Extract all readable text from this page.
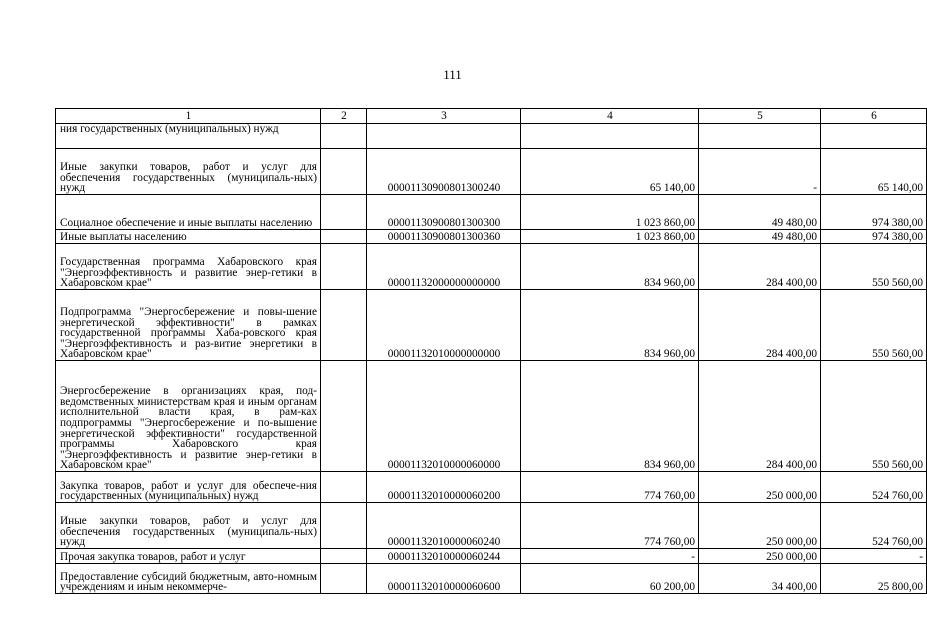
111
1	2	3	4	5	6
ния государственных (муниципальных) нужд					
Иные закупки товаров, работ и услуг для обеспечения государственных (муниципаль-ных) нужд		00001130900801300240	65 140,00	-	65 140,00
Социалное обеспечение и иные выплаты населению		00001130900801300300	1 023 860,00	49 480,00	974 380,00
Иные выплаты населению		00001130900801300360	1 023 860,00	49 480,00	974 380,00
Государственная программа Хабаровского края "Энергоэффективность и развитие энер-гетики в Хабаровском крае"		00001132000000000000	834 960,00	284 400,00	550 560,00
Подпрограмма "Энергосбережение и повы-шение энергетической эффективности" в рамках государственной программы Хаба-ровского края "Энергоэффективность и раз-витие энергетики в Хабаровском крае"		00001132010000000000	834 960,00	284 400,00	550 560,00
Энергосбережение в организациях края, под-ведомственных министерствам края и иным органам исполнительной власти края, в рам-ках подпрограммы "Энергосбережение и по-вышение энергетической эффективности" государственной программы Хабаровского края "Энергоэффективность и развитие энер-гетики в Хабаровском крае"		00001132010000060000	834 960,00	284 400,00	550 560,00
Закупка товаров, работ и услуг для обеспече-ния государственных (муниципальных) нужд		00001132010000060200	774 760,00	250 000,00	524 760,00
Иные закупки товаров, работ и услуг для обеспечения государственных (муниципаль-ных) нужд		00001132010000060240	774 760,00	250 000,00	524 760,00
Прочая закупка товаров, работ и услуг		00001132010000060244	-	250 000,00	-
Предоставление субсидий бюджетным, авто-номным учреждениям и иным некоммерче-		00001132010000060600	60 200,00	34 400,00	25 800,00
